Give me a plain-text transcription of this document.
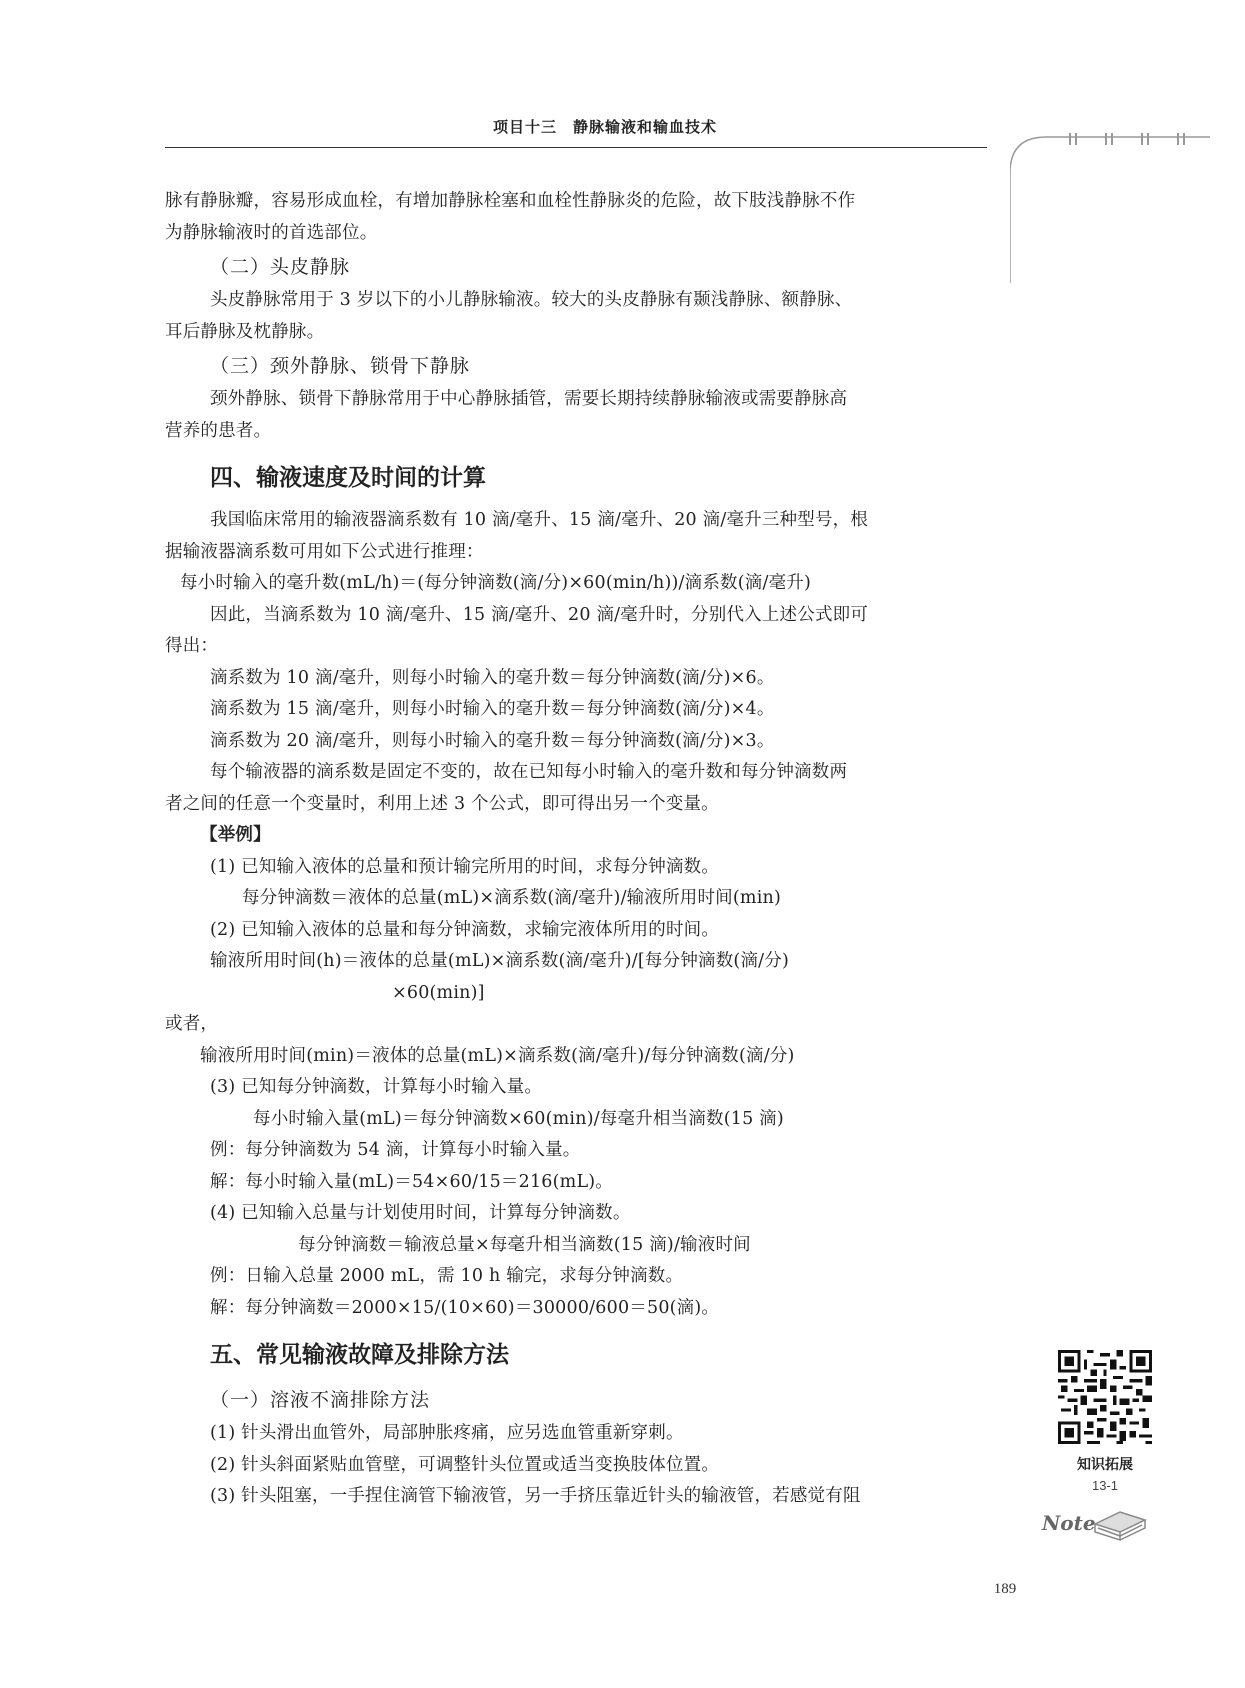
项目十三　静脉输液和输血技术
脉有静脉瓣，容易形成血栓，有增加静脉栓塞和血栓性静脉炎的危险，故下肢浅静脉不作
为静脉输液时的首选部位。
（二）头皮静脉
头皮静脉常用于 3 岁以下的小儿静脉输液。较大的头皮静脉有颞浅静脉、额静脉、
耳后静脉及枕静脉。
（三）颈外静脉、锁骨下静脉
颈外静脉、锁骨下静脉常用于中心静脉插管，需要长期持续静脉输液或需要静脉高
营养的患者。
四、输液速度及时间的计算
我国临床常用的输液器滴系数有 10 滴/毫升、15 滴/毫升、20 滴/毫升三种型号，根
据输液器滴系数可用如下公式进行推理：
每小时输入的毫升数(mL/h)＝(每分钟滴数(滴/分)×60(min/h))/滴系数(滴/毫升)
因此，当滴系数为 10 滴/毫升、15 滴/毫升、20 滴/毫升时，分别代入上述公式即可
得出：
滴系数为 10 滴/毫升，则每小时输入的毫升数＝每分钟滴数(滴/分)×6。
滴系数为 15 滴/毫升，则每小时输入的毫升数＝每分钟滴数(滴/分)×4。
滴系数为 20 滴/毫升，则每小时输入的毫升数＝每分钟滴数(滴/分)×3。
每个输液器的滴系数是固定不变的，故在已知每小时输入的毫升数和每分钟滴数两
者之间的任意一个变量时，利用上述 3 个公式，即可得出另一个变量。
【举例】
(1) 已知输入液体的总量和预计输完所用的时间，求每分钟滴数。
每分钟滴数＝液体的总量(mL)×滴系数(滴/毫升)/输液所用时间(min)
(2) 已知输入液体的总量和每分钟滴数，求输完液体所用的时间。
输液所用时间(h)＝液体的总量(mL)×滴系数(滴/毫升)/[每分钟滴数(滴/分)
×60(min)]
或者，
输液所用时间(min)＝液体的总量(mL)×滴系数(滴/毫升)/每分钟滴数(滴/分)
(3) 已知每分钟滴数，计算每小时输入量。
每小时输入量(mL)＝每分钟滴数×60(min)/每毫升相当滴数(15 滴)
例：每分钟滴数为 54 滴，计算每小时输入量。
解：每小时输入量(mL)＝54×60/15＝216(mL)。
(4) 已知输入总量与计划使用时间，计算每分钟滴数。
每分钟滴数＝输液总量×每毫升相当滴数(15 滴)/输液时间
例：日输入总量 2000 mL，需 10 h 输完，求每分钟滴数。
解：每分钟滴数＝2000×15/(10×60)＝30000/600＝50(滴)。
五、常见输液故障及排除方法
（一）溶液不滴排除方法
(1) 针头滑出血管外，局部肿胀疼痛，应另选血管重新穿刺。
(2) 针头斜面紧贴血管壁，可调整针头位置或适当变换肢体位置。
(3) 针头阻塞，一手捏住滴管下输液管，另一手挤压靠近针头的输液管，若感觉有阻
知识拓展
13-1
Note
189
